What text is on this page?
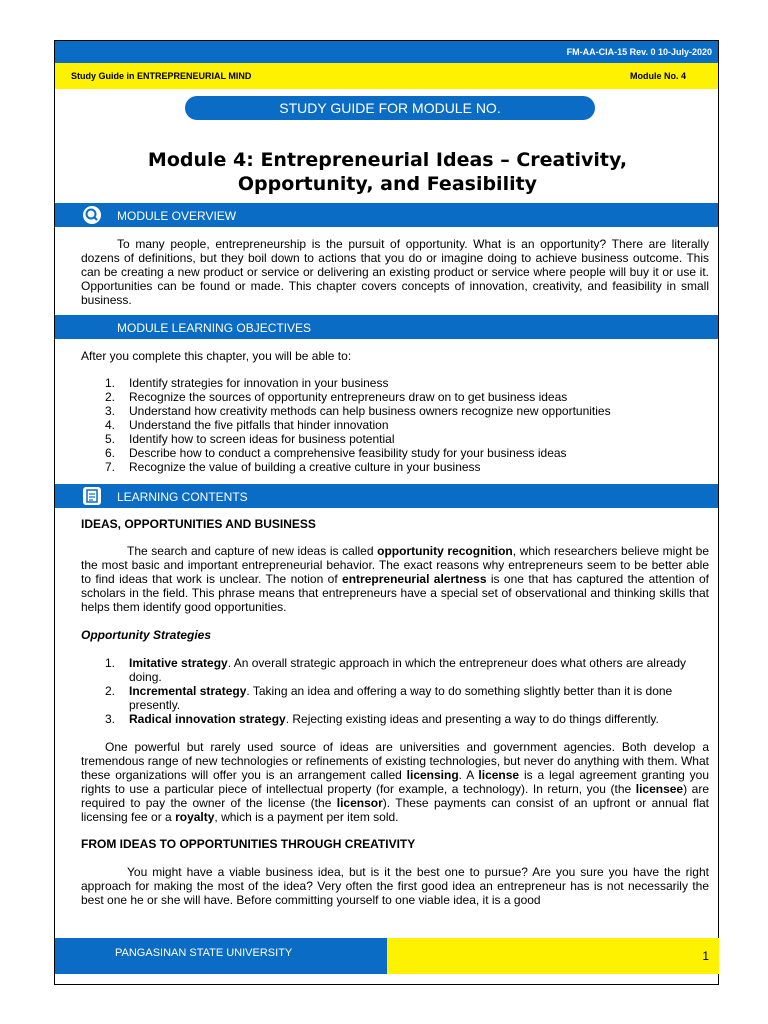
FM-AA-CIA-15 Rev. 0 10-July-2020
Study Guide in ENTREPRENEURIAL MIND	Module No. 4
STUDY GUIDE FOR MODULE NO.
Module 4: Entrepreneurial Ideas – Creativity,
Opportunity, and Feasibility
MODULE OVERVIEW
To many people, entrepreneurship is the pursuit of opportunity. What is an opportunity? There are literally dozens of definitions, but they boil down to actions that you do or imagine doing to achieve business outcome. This can be creating a new product or service or delivering an existing product or service where people will buy it or use it. Opportunities can be found or made. This chapter covers concepts of innovation, creativity, and feasibility in small business.
MODULE LEARNING OBJECTIVES
After you complete this chapter, you will be able to:
1. Identify strategies for innovation in your business
2. Recognize the sources of opportunity entrepreneurs draw on to get business ideas
3. Understand how creativity methods can help business owners recognize new opportunities
4. Understand the five pitfalls that hinder innovation
5. Identify how to screen ideas for business potential
6. Describe how to conduct a comprehensive feasibility study for your business ideas
7. Recognize the value of building a creative culture in your business
LEARNING CONTENTS
IDEAS, OPPORTUNITIES AND BUSINESS
The search and capture of new ideas is called opportunity recognition, which researchers believe might be the most basic and important entrepreneurial behavior. The exact reasons why entrepreneurs seem to be better able to find ideas that work is unclear. The notion of entrepreneurial alertness is one that has captured the attention of scholars in the field. This phrase means that entrepreneurs have a special set of observational and thinking skills that helps them identify good opportunities.
Opportunity Strategies
1. Imitative strategy. An overall strategic approach in which the entrepreneur does what others are already doing.
2. Incremental strategy. Taking an idea and offering a way to do something slightly better than it is done presently.
3. Radical innovation strategy. Rejecting existing ideas and presenting a way to do things differently.
One powerful but rarely used source of ideas are universities and government agencies. Both develop a tremendous range of new technologies or refinements of existing technologies, but never do anything with them. What these organizations will offer you is an arrangement called licensing. A license is a legal agreement granting you rights to use a particular piece of intellectual property (for example, a technology). In return, you (the licensee) are required to pay the owner of the license (the licensor). These payments can consist of an upfront or annual flat licensing fee or a royalty, which is a payment per item sold.
FROM IDEAS TO OPPORTUNITIES THROUGH CREATIVITY
You might have a viable business idea, but is it the best one to pursue? Are you sure you have the right approach for making the most of the idea? Very often the first good idea an entrepreneur has is not necessarily the best one he or she will have. Before committing yourself to one viable idea, it is a good
PANGASINAN STATE UNIVERSITY	1
